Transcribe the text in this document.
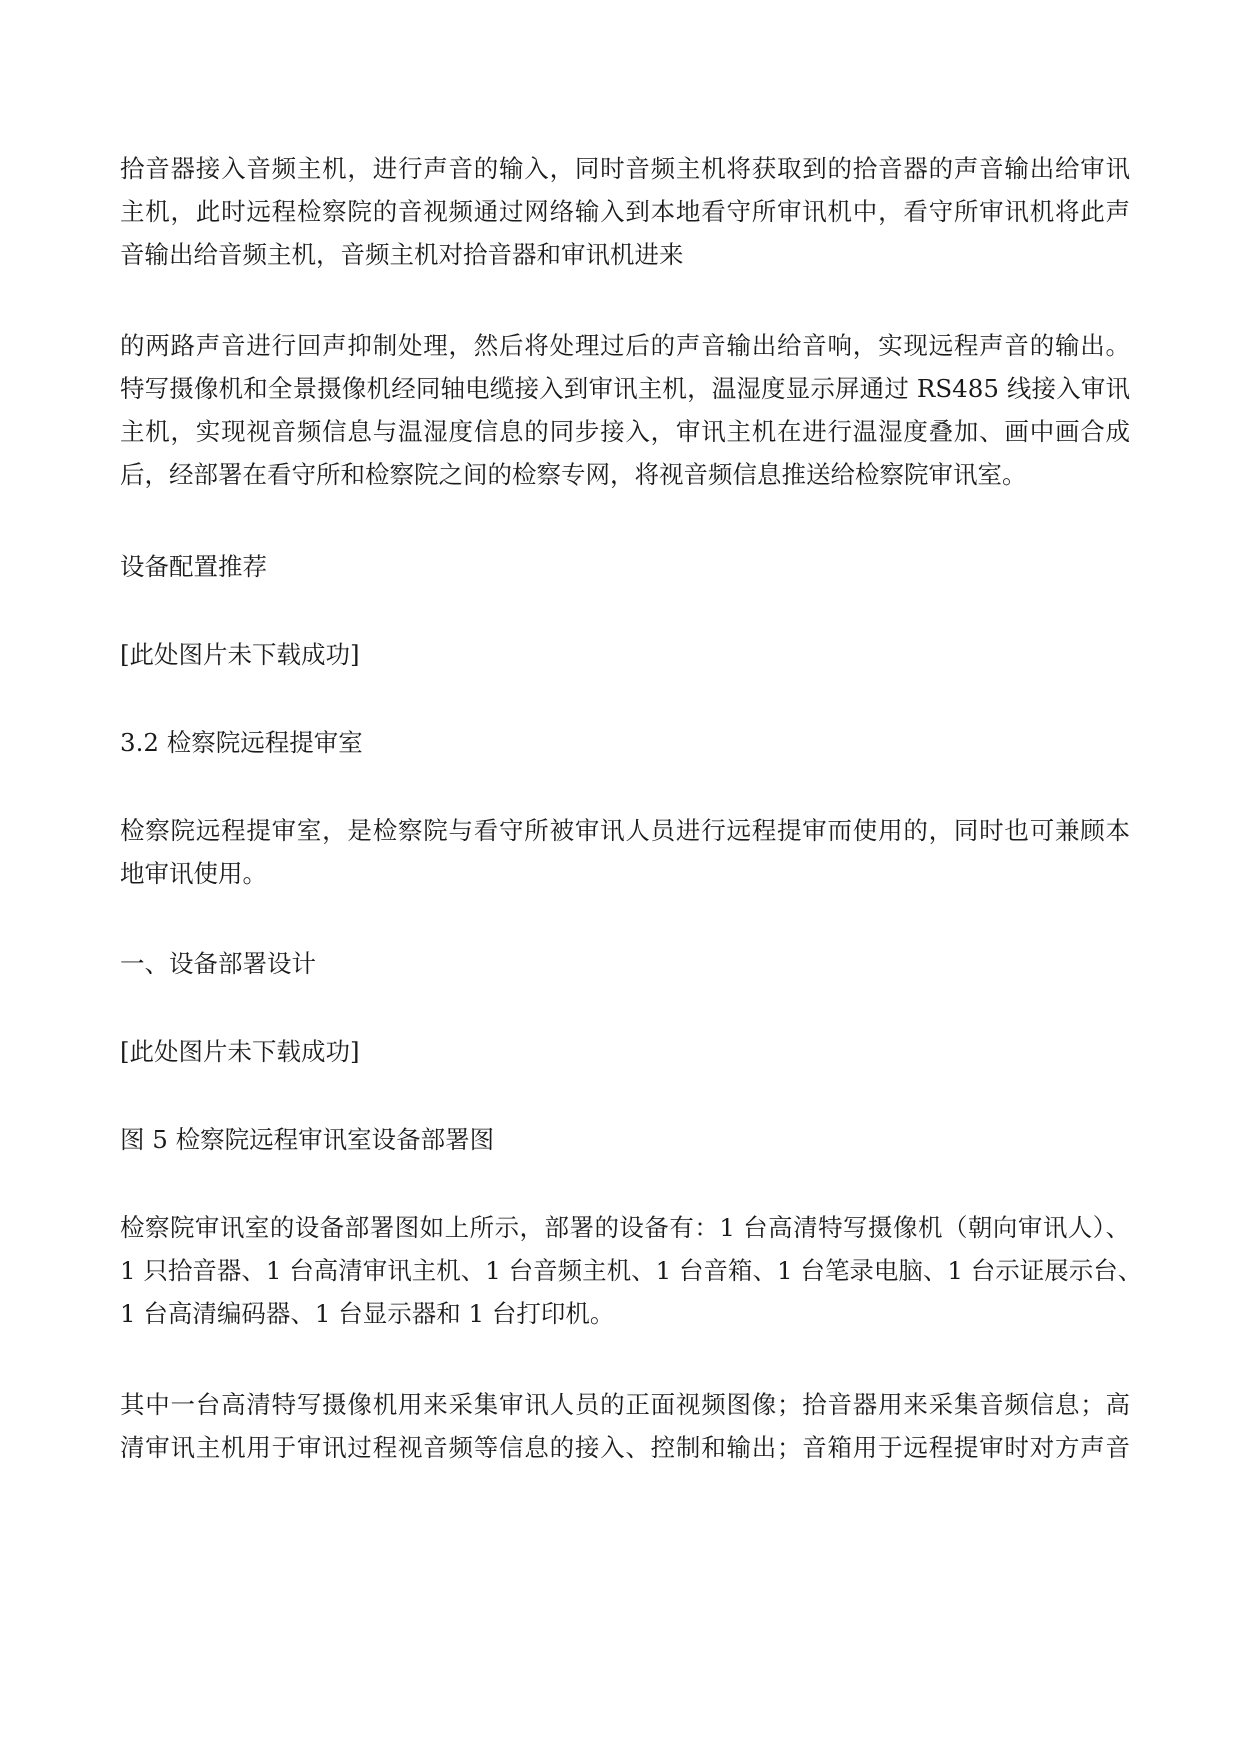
拾音器接入音频主机，进行声音的输入，同时音频主机将获取到的拾音器的声音输出给审讯
主机，此时远程检察院的音视频通过网络输入到本地看守所审讯机中，看守所审讯机将此声
音输出给音频主机，音频主机对拾音器和审讯机进来
的两路声音进行回声抑制处理，然后将处理过后的声音输出给音响，实现远程声音的输出。
特写摄像机和全景摄像机经同轴电缆接入到审讯主机，温湿度显示屏通过 RS485 线接入审讯
主机，实现视音频信息与温湿度信息的同步接入，审讯主机在进行温湿度叠加、画中画合成
后，经部署在看守所和检察院之间的检察专网，将视音频信息推送给检察院审讯室。
设备配置推荐
[此处图片未下载成功]
3.2 检察院远程提审室
检察院远程提审室，是检察院与看守所被审讯人员进行远程提审而使用的，同时也可兼顾本
地审讯使用。
一、设备部署设计
[此处图片未下载成功]
图 5 检察院远程审讯室设备部署图
检察院审讯室的设备部署图如上所示，部署的设备有：1 台高清特写摄像机（朝向审讯人）、
1 只拾音器、1 台高清审讯主机、1 台音频主机、1 台音箱、1 台笔录电脑、1 台示证展示台、
1 台高清编码器、1 台显示器和 1 台打印机。
其中一台高清特写摄像机用来采集审讯人员的正面视频图像；拾音器用来采集音频信息；高
清审讯主机用于审讯过程视音频等信息的接入、控制和输出；音箱用于远程提审时对方声音
